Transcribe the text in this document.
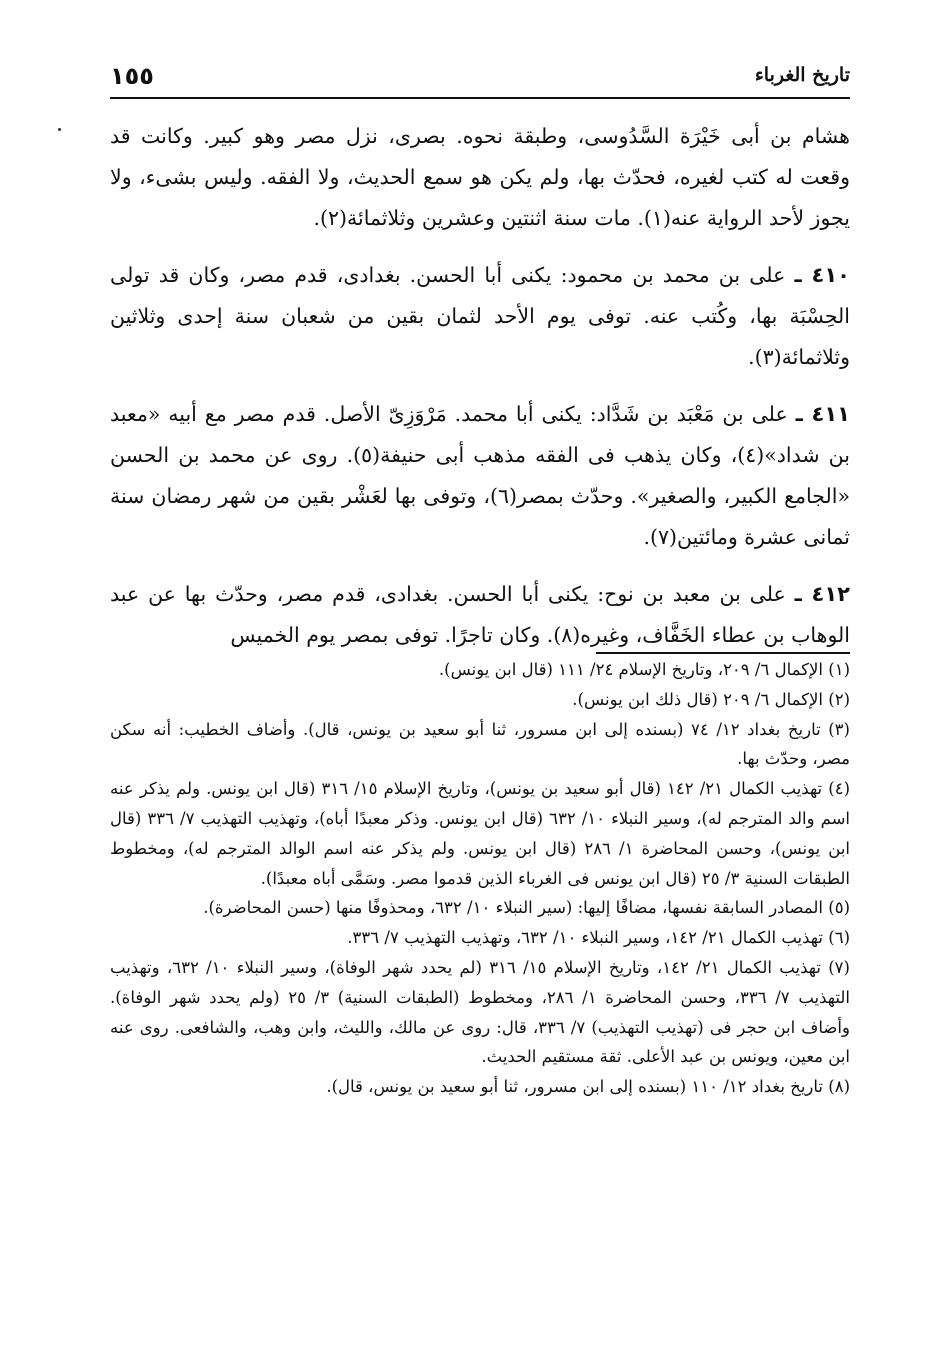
١٥٥	تاريخ الغرباء

هشام بن أبى خَيْرَة السَّدُوسى، وطبقة نحوه. بصرى، نزل مصر وهو كبير. وكانت قد وقعت له كتب لغيره، فحدّث بها، ولم يكن هو سمع الحديث، ولا الفقه. وليس بشىء، ولا يجوز لأحد الرواية عنه(١). مات سنة اثنتين وعشرين وثلاثمائة(٢).

٤١٠ ـ على بن محمد بن محمود: يكنى أبا الحسن. بغدادى، قدم مصر، وكان قد تولى الحِسْبَة بها، وكُتب عنه. توفى يوم الأحد لثمان بقين من شعبان سنة إحدى وثلاثين وثلاثمائة(٣).

٤١١ ـ على بن مَعْبَد بن شَدَّاد: يكنى أبا محمد. مَرْوَزِىّ الأصل. قدم مصر مع أبيه «معبد بن شداد»(٤)، وكان يذهب فى الفقه مذهب أبى حنيفة(٥). روى عن محمد بن الحسن «الجامع الكبير، والصغير». وحدّث بمصر(٦)، وتوفى بها لعَشْر بقين من شهر رمضان سنة ثمانى عشرة ومائتين(٧).

٤١٢ ـ على بن معبد بن نوح: يكنى أبا الحسن. بغدادى، قدم مصر، وحدّث بها عن عبد الوهاب بن عطاء الخَفَّاف، وغيره(٨). وكان تاجرًا. توفى بمصر يوم الخميس

(١) الإكمال ٦/ ٢٠٩، وتاريخ الإسلام ٢٤/ ١١١ (قال ابن يونس).

(٢) الإكمال ٦/ ٢٠٩ (قال ذلك ابن يونس).

(٣) تاريخ بغداد ١٢/ ٧٤ (بسنده إلى ابن مسرور، ثنا أبو سعيد بن يونس، قال). وأضاف الخطيب: أنه سكن مصر، وحدّث بها.

(٤) تهذيب الكمال ٢١/ ١٤٢ (قال أبو سعيد بن يونس)، وتاريخ الإسلام ١٥/ ٣١٦ (قال ابن يونس. ولم يذكر عنه اسم والد المترجم له)، وسير النبلاء ١٠/ ٦٣٢ (قال ابن يونس. وذكر معبدًا أباه)، وتهذيب التهذيب ٧/ ٣٣٦ (قال ابن يونس)، وحسن المحاضرة ١/ ٢٨٦ (قال ابن يونس. ولم يذكر عنه اسم الوالد المترجم له)، ومخطوط الطبقات السنية ٣/ ٢٥ (قال ابن يونس فى الغرباء الذين قدموا مصر. وسَمَّى أباه معبدًا).

(٥) المصادر السابقة نفسها، مضافًا إليها: (سير النبلاء ١٠/ ٦٣٢، ومحذوفًا منها (حسن المحاضرة).

(٦) تهذيب الكمال ٢١/ ١٤٢، وسير النبلاء ١٠/ ٦٣٢، وتهذيب التهذيب ٧/ ٣٣٦.

(٧) تهذيب الكمال ٢١/ ١٤٢، وتاريخ الإسلام ١٥/ ٣١٦ (لم يحدد شهر الوفاة)، وسير النبلاء ١٠/ ٦٣٢، وتهذيب التهذيب ٧/ ٣٣٦، وحسن المحاضرة ١/ ٢٨٦، ومخطوط (الطبقات السنية) ٣/ ٢٥ (ولم يحدد شهر الوفاة). وأضاف ابن حجر فى (تهذيب التهذيب) ٧/ ٣٣٦، قال: روى عن مالك، والليث، وابن وهب، والشافعى. روى عنه ابن معين، ويونس بن عبد الأعلى. ثقة مستقيم الحديث.

(٨) تاريخ بغداد ١٢/ ١١٠ (بسنده إلى ابن مسرور، ثنا أبو سعيد بن يونس، قال).
